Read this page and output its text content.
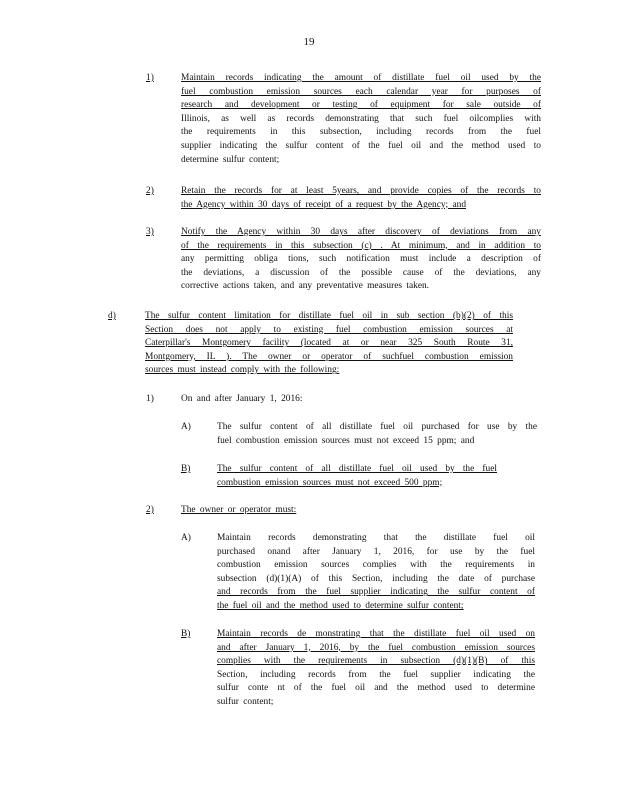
19
1)	Maintain records indicating the amount of distillate fuel oil used by the
fuel combustion emission sources each calendar year for purposes of
research and development or testing of equipment for sale outside of
Illinois, as well as records demonstrating that such fuel oilcomplies with
the requirements in this subsection, including records from the fuel
supplier indicating the sulfur content of the fuel oil and the method used to
determine sulfur content;
2)	Retain the records for at least 5years, and provide copies of the records to
the Agency within 30 days of receipt of a request by the Agency; and
3)	Notify the Agency within 30 days after discovery of deviations from any
of the requirements in this subsection (c) . At minimum, and in addition to
any permitting obliga tions, such notification must include a description of
the deviations, a discussion of the possible cause of the deviations, any
corrective actions taken, and any preventative measures taken.
d)	The sulfur content limitation for distillate fuel oil in sub section (b)(2) of this
Section does not apply to existing fuel combustion emission sources at
Caterpillar's Montgomery facility (located at or near 325 South Route 31,
Montgomery, IL ). The owner or operator of suchfuel combustion emission
sources must instead comply with the following:
1)	On and after January 1, 2016:
A)	The sulfur content of all distillate fuel oil purchased for use by the
fuel combustion emission sources must not exceed 15 ppm; and
B)	The sulfur content of all distillate fuel oil used by the fuel
combustion emission sources must not exceed 500 ppm;
2)	The owner or operator must:
A)	Maintain records demonstrating that the distillate fuel oil
purchased onand after January 1, 2016, for use by the fuel
combustion emission sources complies with the requirements in
subsection (d)(1)(A) of this Section, including the date of purchase
and records from the fuel supplier indicating the sulfur content of
the fuel oil and the method used to determine sulfur content;
B)	Maintain records de monstrating that the distillate fuel oil used on
and after January 1, 2016, by the fuel combustion emission sources
complies with the requirements in subsection (d)(1)(B) of this
Section, including records from the fuel supplier indicating the
sulfur conte nt of the fuel oil and the method used to determine
sulfur content;
